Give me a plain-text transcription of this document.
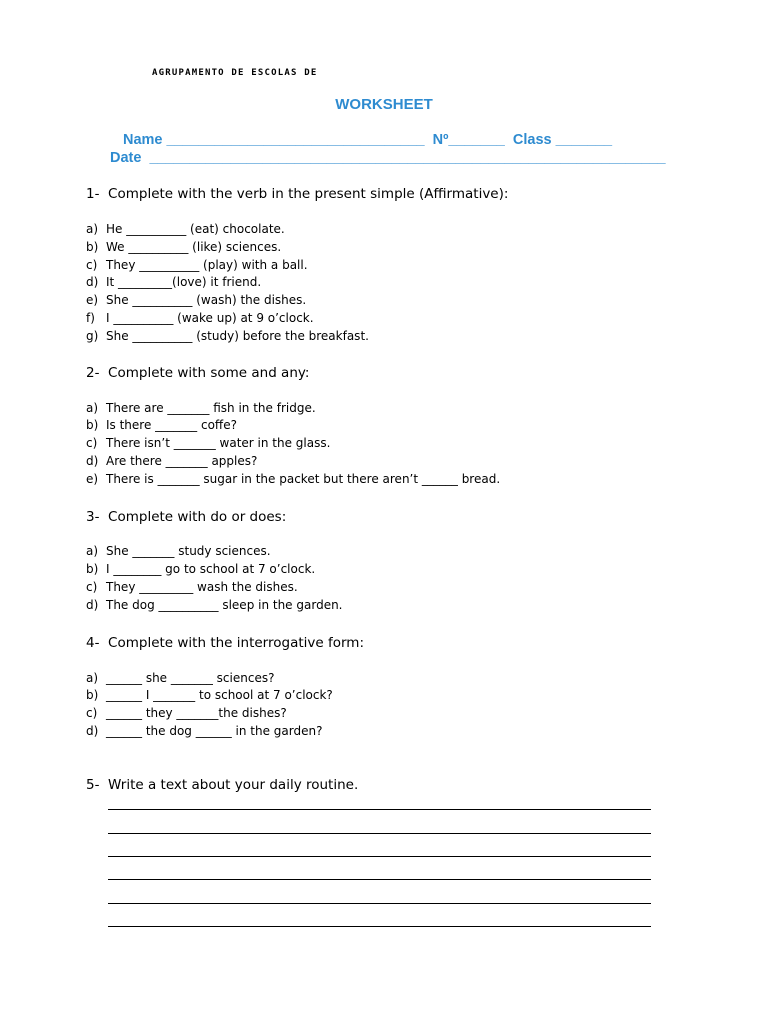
AGRUPAMENTO DE ESCOLAS DE
WORKSHEET
Name ________________________________  Nº_______  Class _______
Date  ________________________________________________________________
1-  Complete with the verb in the present simple (Affirmative):
a) He __________ (eat) chocolate.
b) We __________ (like) sciences.
c) They __________ (play) with a ball.
d) It _________(love) it friend.
e) She __________ (wash) the dishes.
f) I __________ (wake up) at 9 o’clock.
g) She __________ (study) before the breakfast.
2-  Complete with some and any:
a) There are _______ fish in the fridge.
b) Is there _______ coffe?
c) There isn’t _______ water in the glass.
d) Are there _______ apples?
e) There is _______ sugar in the packet but there aren’t ______ bread.
3-  Complete with do or does:
a) She _______ study sciences.
b) I ________ go to school at 7 o’clock.
c) They _________ wash the dishes.
d) The dog __________ sleep in the garden.
4-  Complete with the interrogative form:
a) ______ she _______ sciences?
b) ______ I _______ to school at 7 o’clock?
c) ______ they _______the dishes?
d) ______ the dog ______ in the garden?
5-  Write a text about your daily routine.
